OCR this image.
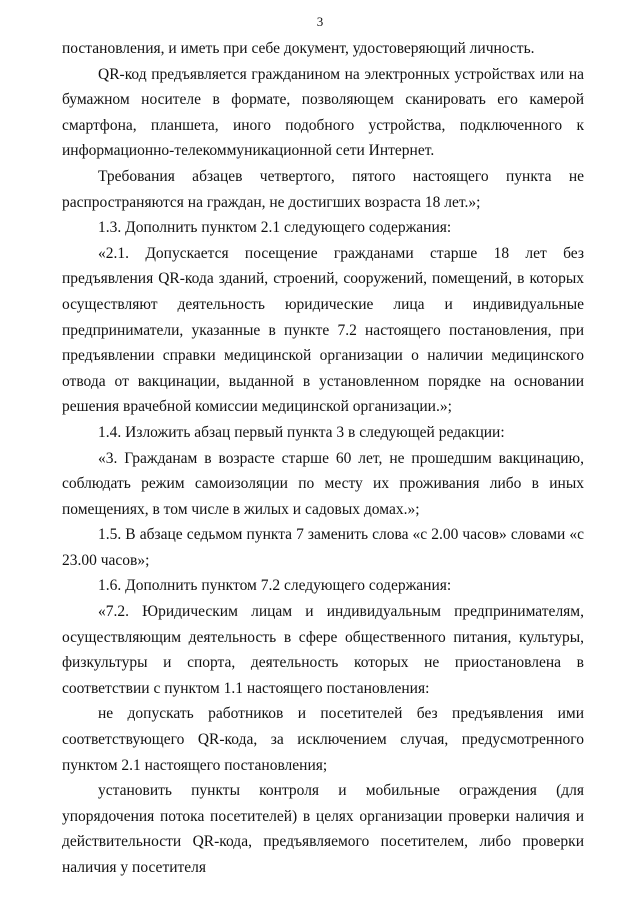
3

постановления, и иметь при себе документ, удостоверяющий личность.

QR-код предъявляется гражданином на электронных устройствах или на бумажном носителе в формате, позволяющем сканировать его камерой смартфона, планшета, иного подобного устройства, подключенного к информационно-телекоммуникационной сети Интернет.

Требования абзацев четвертого, пятого настоящего пункта не распространяются на граждан, не достигших возраста 18 лет.»;

1.3. Дополнить пунктом 2.1 следующего содержания:

«2.1. Допускается посещение гражданами старше 18 лет без предъявления QR-кода зданий, строений, сооружений, помещений, в которых осуществляют деятельность юридические лица и индивидуальные предприниматели, указанные в пункте 7.2 настоящего постановления, при предъявлении справки медицинской организации о наличии медицинского отвода от вакцинации, выданной в установленном порядке на основании решения врачебной комиссии медицинской организации.»;

1.4. Изложить абзац первый пункта 3 в следующей редакции:

«3. Гражданам в возрасте старше 60 лет, не прошедшим вакцинацию, соблюдать режим самоизоляции по месту их проживания либо в иных помещениях, в том числе в жилых и садовых домах.»;

1.5. В абзаце седьмом пункта 7 заменить слова «с 2.00 часов» словами «с 23.00 часов»;

1.6. Дополнить пунктом 7.2 следующего содержания:

«7.2. Юридическим лицам и индивидуальным предпринимателям, осуществляющим деятельность в сфере общественного питания, культуры, физкультуры и спорта, деятельность которых не приостановлена в соответствии с пунктом 1.1 настоящего постановления:

не допускать работников и посетителей без предъявления ими соответствующего QR-кода, за исключением случая, предусмотренного пунктом 2.1 настоящего постановления;

установить пункты контроля и мобильные ограждения (для упорядочения потока посетителей) в целях организации проверки наличия и действительности QR-кода, предъявляемого посетителем, либо проверки наличия у посетителя
